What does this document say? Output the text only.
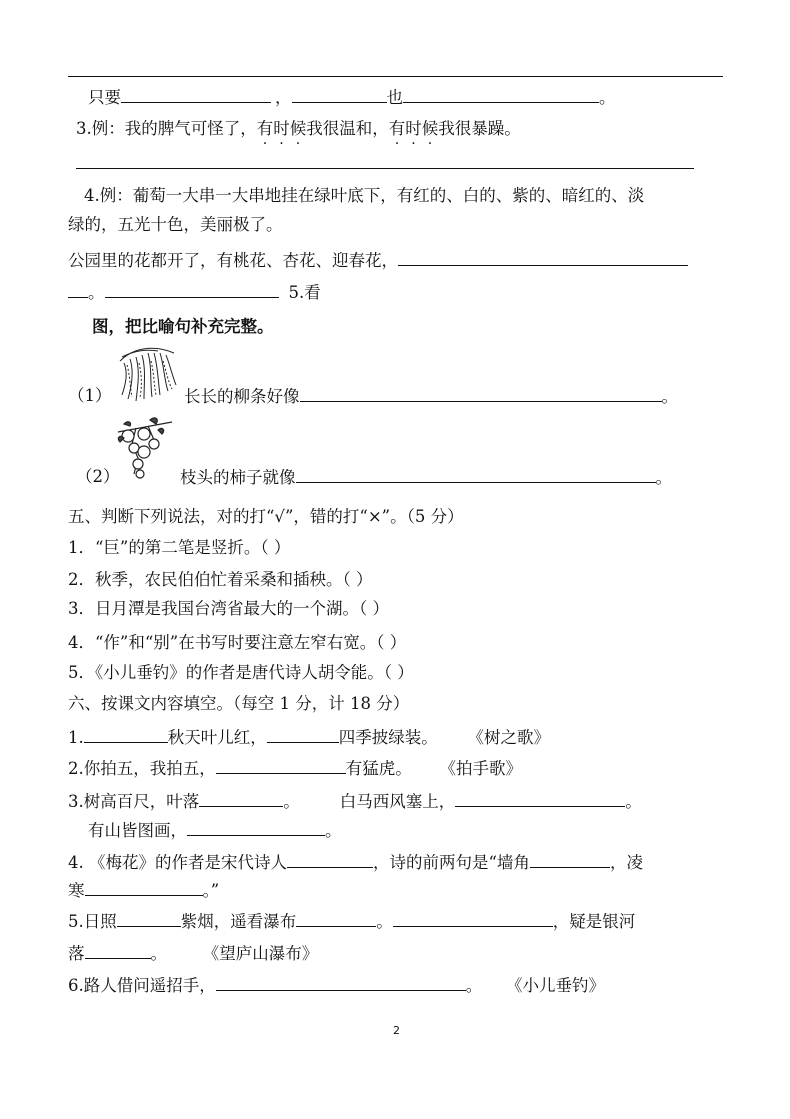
只要	，	也	。
3.例：我的脾气可怪了，有时候我很温和，有时候我很暴躁。
4.例：葡萄一大串一大串地挂在绿叶底下，有红的、白的、紫的、暗红的、淡
绿的，五光十色，美丽极了。
公园里的花都开了，有桃花、杏花、迎春花，
。	5.看
图，把比喻句补充完整。
（1）	长长的柳条好像	。
（2）	枝头的柿子就像	。
五、判断下列说法，对的打“√”，错的打“×”。（5 分）
1．“巨”的第二笔是竖折。（ ）
2．秋季，农民伯伯忙着采桑和插秧。（ ）
3．日月潭是我国台湾省最大的一个湖。（ ）
4．“作”和“别”在书写时要注意左窄右宽。（ ）
5．《小儿垂钓》的作者是唐代诗人胡令能。（ ）
六、按课文内容填空。（每空 1 分，计 18 分）
1.	秋天叶儿红，	四季披绿装。 《树之歌》
2.你拍五，我拍五，	有猛虎。 《拍手歌》
3.树高百尺，叶落	。 白马西风塞上，	。
有山皆图画，	。
4. 《梅花》的作者是宋代诗人	，诗的前两句是“墙角	，凌
寒	。”
5.日照	紫烟，遥看瀑布	。	，疑是银河
落	。	《望庐山瀑布》
6.路人借问遥招手，	。 《小儿垂钓》
2
